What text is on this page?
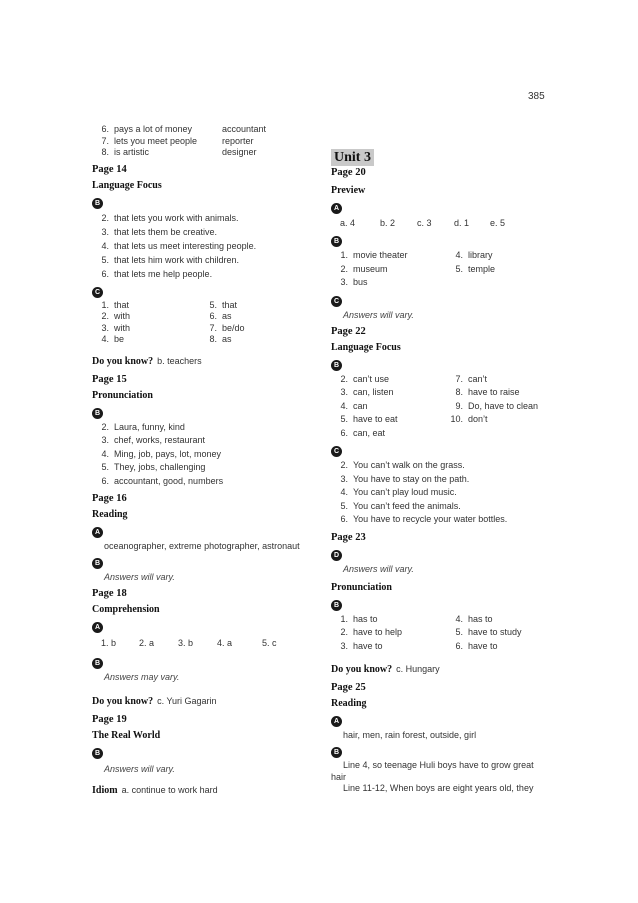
385
6. pays a lot of money	accountant
7. lets you meet people	reporter
8. is artistic	designer
Page 14
Language Focus
B
2. that lets you work with animals.
3. that lets them be creative.
4. that lets us meet interesting people.
5. that lets him work with children.
6. that lets me help people.
C
1. that	5. that
2. with	6. as
3. with	7. be/do
4. be	8. as
Do you know? b. teachers
Page 15
Pronunciation
B
2. Laura, funny, kind
3. chef, works, restaurant
4. Ming, job, pays, lot, money
5. They, jobs, challenging
6. accountant, good, numbers
Page 16
Reading
A
oceanographer, extreme photographer, astronaut
B
Answers will vary.
Page 18
Comprehension
A
1. b	2. a	3. b	4. a	5. c
B
Answers may vary.
Do you know? c. Yuri Gagarin
Page 19
The Real World
B
Answers will vary.
Idiom a. continue to work hard
Unit 3
Page 20
Preview
A
a. 4	b. 2	c. 3	d. 1	e. 5
B
1. movie theater	4. library
2. museum	5. temple
3. bus
C
Answers will vary.
Page 22
Language Focus
B
2. can’t use	7. can’t
3. can, listen	8. have to raise
4. can	9. Do, have to clean
5. have to eat	10. don’t
6. can, eat
C
2. You can’t walk on the grass.
3. You have to stay on the path.
4. You can’t play loud music.
5. You can’t feed the animals.
6. You have to recycle your water bottles.
Page 23
D
Answers will vary.
Pronunciation
B
1. has to	4. has to
2. have to help	5. have to study
3. have to	6. have to
Do you know? c. Hungary
Page 25
Reading
A
hair, men, rain forest, outside, girl
B
Line 4, so teenage Huli boys have to grow great hair
Line 11-12, When boys are eight years old, they
